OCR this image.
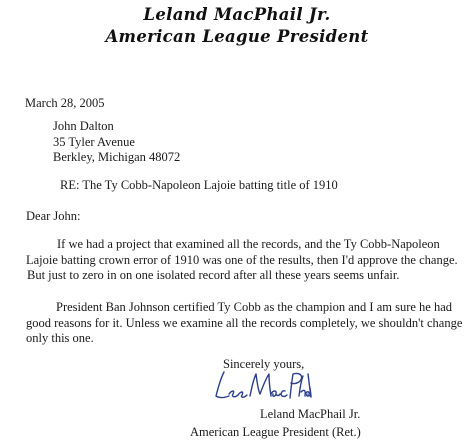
Leland MacPhail Jr.
American League President
March 28, 2005
John Dalton
35 Tyler Avenue
Berkley, Michigan 48072
RE: The Ty Cobb-Napoleon Lajoie batting title of 1910
Dear John:
If we had a project that examined all the records, and the Ty Cobb-Napoleon
Lajoie batting crown error of 1910 was one of the results, then I'd approve the change.
But just to zero in on one isolated record after all these years seems unfair.
President Ban Johnson certified Ty Cobb as the champion and I am sure he had
good reasons for it. Unless we examine all the records completely, we shouldn't change
only this one.
Sincerely yours,
Leland MacPhail Jr.
American League President (Ret.)
